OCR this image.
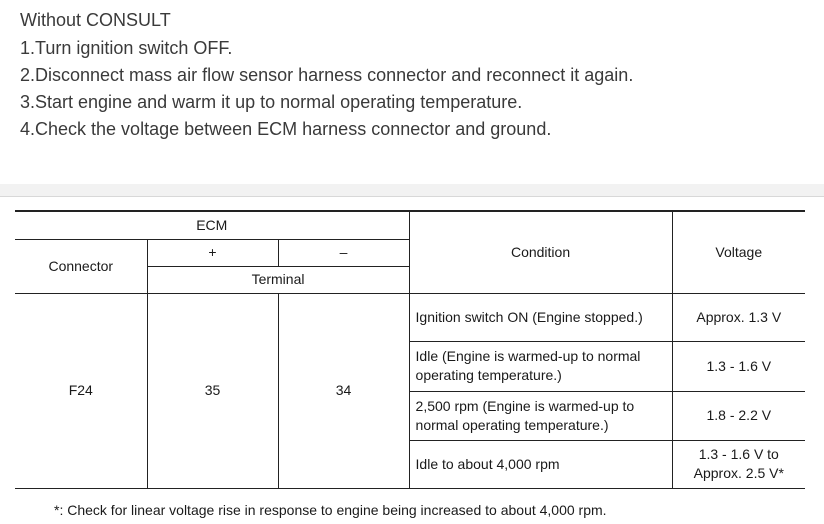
Without CONSULT
1.Turn ignition switch OFF.
2.Disconnect mass air flow sensor harness connector and reconnect it again.
3.Start engine and warm it up to normal operating temperature.
4.Check the voltage between ECM harness connector and ground.
ECM			Condition	Voltage
Connector	+	–		
	Terminal			
F24	35	34	Ignition switch ON (Engine stopped.)	Approx. 1.3 V
			Idle (Engine is warmed-up to normal operating temperature.)	1.3 - 1.6 V
			2,500 rpm (Engine is warmed-up to normal operating temperature.)	1.8 - 2.2 V
			Idle to about 4,000 rpm	1.3 - 1.6 V to Approx. 2.5 V*
*: Check for linear voltage rise in response to engine being increased to about 4,000 rpm.
